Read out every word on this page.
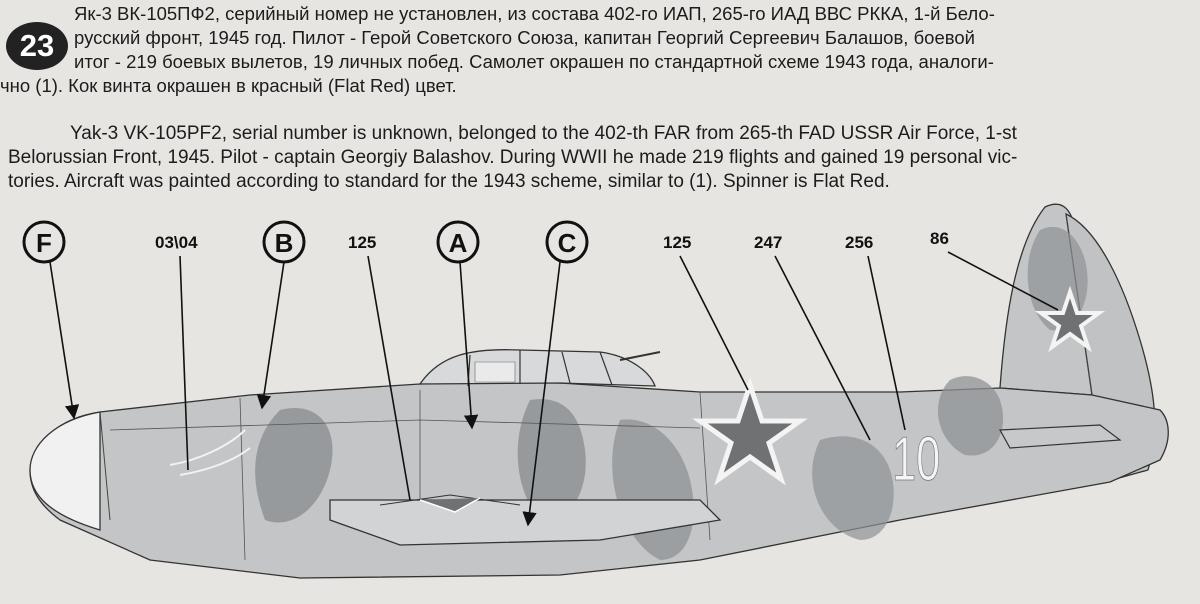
23

Як-3 ВК-105ПФ2, серийный номер не установлен, из состава 402-го ИАП, 265-го ИАД ВВС РККА, 1-й Бело-
русский фронт, 1945 год. Пилот - Герой Советского Союза, капитан Георгий Сергеевич Балашов, боевой
итог - 219 боевых вылетов, 19 личных побед. Самолет окрашен по стандартной схеме 1943 года, аналоги-
чно (1). Кок винта окрашен в красный (Flat Red) цвет.

Yak-3 VK-105PF2, serial number is unknown, belonged to the 402-th FAR from 265-th FAD USSR Air Force, 1-st
Belorussian Front, 1945. Pilot - captain Georgiy Balashov. During WWII he made 219 flights and gained 19 personal vic-
tories. Aircraft was painted according to standard for the 1943 scheme, similar to (1). Spinner is Flat Red.

10
F	B	A	C
03\04	125	125	247	256	86
